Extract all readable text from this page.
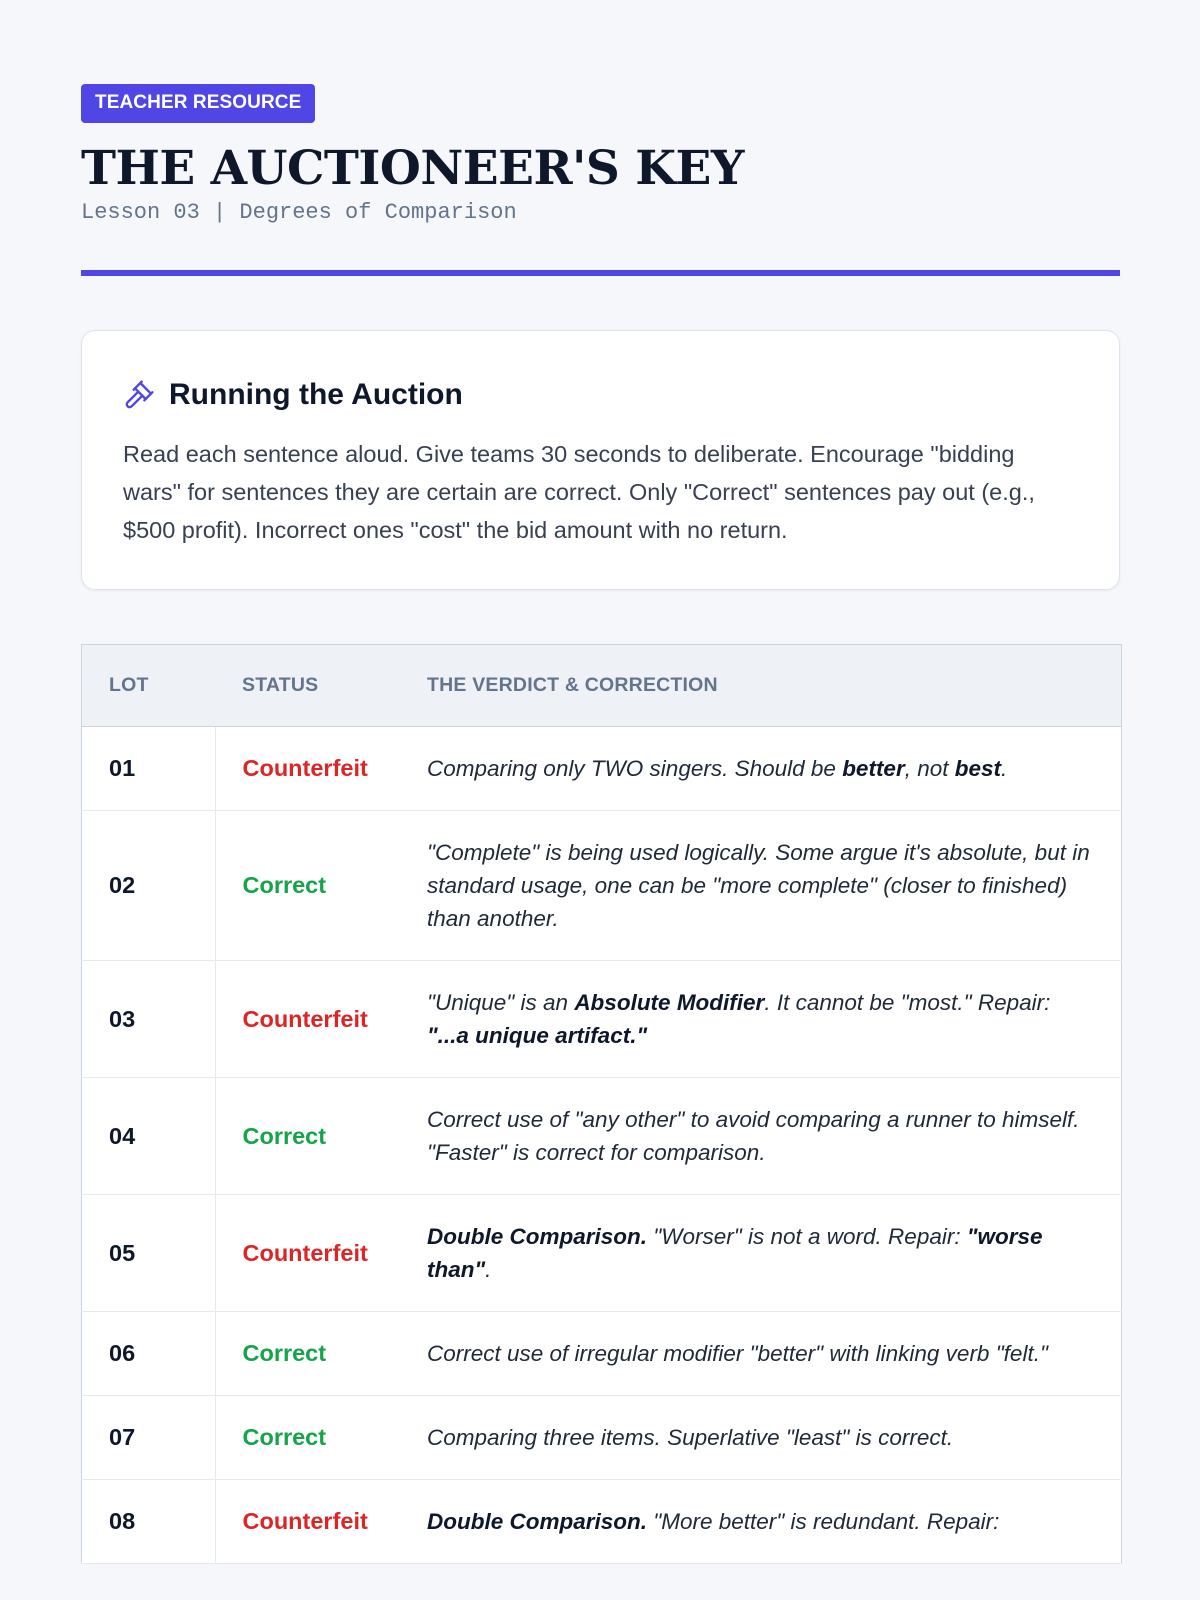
TEACHER RESOURCE
THE AUCTIONEER'S KEY
Lesson 03 | Degrees of Comparison
Running the Auction
Read each sentence aloud. Give teams 30 seconds to deliberate. Encourage "bidding wars" for sentences they are certain are correct. Only "Correct" sentences pay out (e.g., $500 profit). Incorrect ones "cost" the bid amount with no return.
LOT	STATUS	THE VERDICT & CORRECTION
01	Counterfeit	Comparing only TWO singers. Should be better, not best.
02	Correct	"Complete" is being used logically. Some argue it's absolute, but in standard usage, one can be "more complete" (closer to finished) than another.
03	Counterfeit	"Unique" is an Absolute Modifier. It cannot be "most." Repair: "...a unique artifact."
04	Correct	Correct use of "any other" to avoid comparing a runner to himself. "Faster" is correct for comparison.
05	Counterfeit	Double Comparison. "Worser" is not a word. Repair: "worse than".
06	Correct	Correct use of irregular modifier "better" with linking verb "felt."
07	Correct	Comparing three items. Superlative "least" is correct.
08	Counterfeit	Double Comparison. "More better" is redundant. Repair:
